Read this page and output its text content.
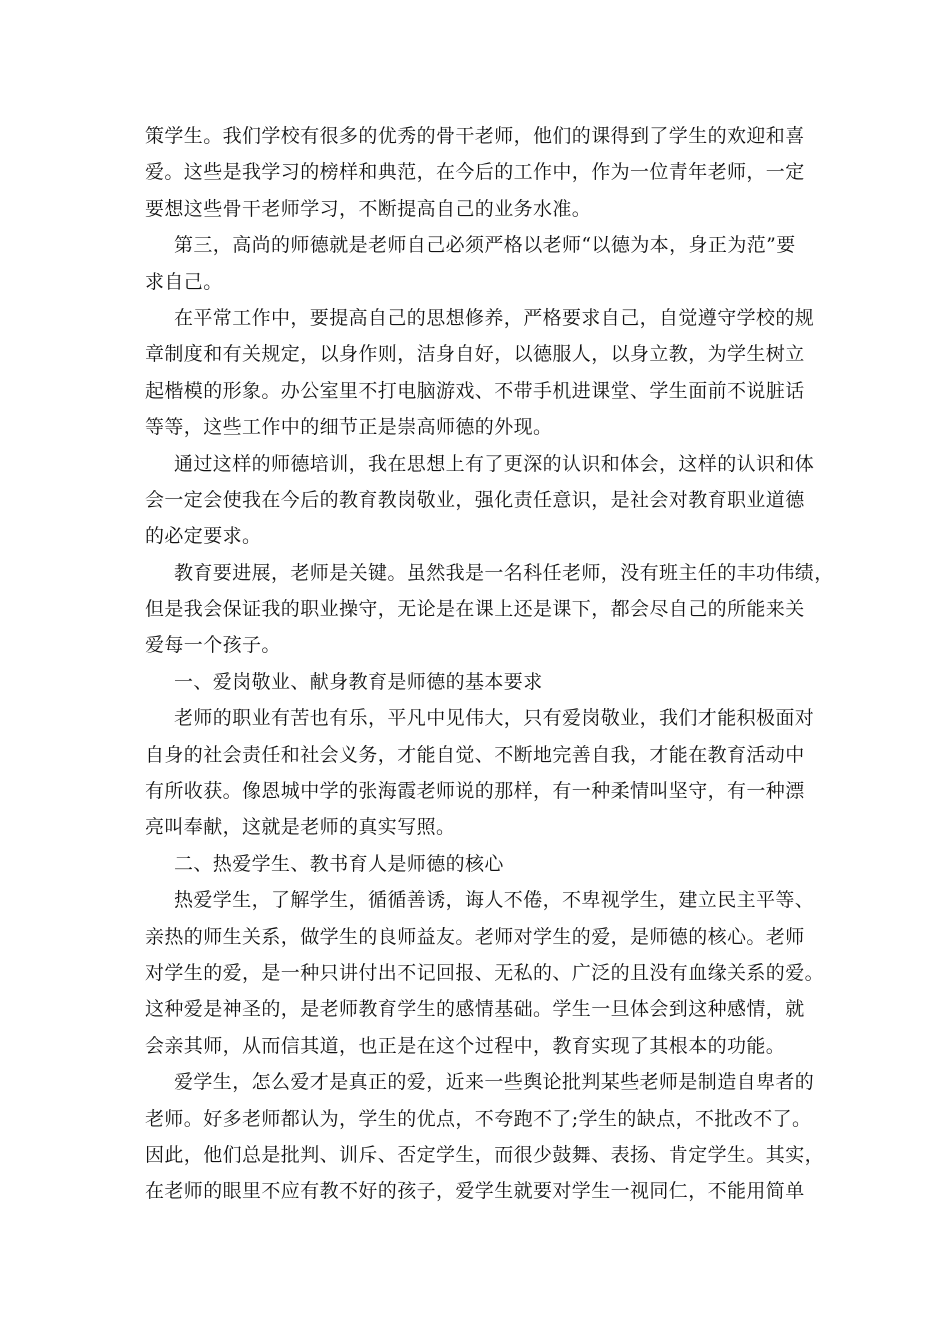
策学生。我们学校有很多的优秀的骨干老师，他们的课得到了学生的欢迎和喜
爱。这些是我学习的榜样和典范，在今后的工作中，作为一位青年老师，一定
要想这些骨干老师学习，不断提高自己的业务水准。
第三，高尚的师德就是老师自己必须严格以老师“以德为本，身正为范”要
求自己。
在平常工作中，要提高自己的思想修养，严格要求自己，自觉遵守学校的规
章制度和有关规定，以身作则，洁身自好，以德服人，以身立教，为学生树立
起楷模的形象。办公室里不打电脑游戏、不带手机进课堂、学生面前不说脏话
等等，这些工作中的细节正是崇高师德的外现。
通过这样的师德培训，我在思想上有了更深的认识和体会，这样的认识和体
会一定会使我在今后的教育教岗敬业，强化责任意识，是社会对教育职业道德
的必定要求。
教育要进展，老师是关键。虽然我是一名科任老师，没有班主任的丰功伟绩，
但是我会保证我的职业操守，无论是在课上还是课下，都会尽自己的所能来关
爱每一个孩子。
一、爱岗敬业、献身教育是师德的基本要求
老师的职业有苦也有乐，平凡中见伟大，只有爱岗敬业，我们才能积极面对
自身的社会责任和社会义务，才能自觉、不断地完善自我，才能在教育活动中
有所收获。像恩城中学的张海霞老师说的那样，有一种柔情叫坚守，有一种漂
亮叫奉献，这就是老师的真实写照。
二、热爱学生、教书育人是师德的核心
热爱学生，了解学生，循循善诱，诲人不倦，不卑视学生，建立民主平等、
亲热的师生关系，做学生的良师益友。老师对学生的爱，是师德的核心。老师
对学生的爱，是一种只讲付出不记回报、无私的、广泛的且没有血缘关系的爱。
这种爱是神圣的，是老师教育学生的感情基础。学生一旦体会到这种感情，就
会亲其师，从而信其道，也正是在这个过程中，教育实现了其根本的功能。
爱学生，怎么爱才是真正的爱，近来一些舆论批判某些老师是制造自卑者的
老师。好多老师都认为，学生的优点，不夸跑不了;学生的缺点，不批改不了。
因此，他们总是批判、训斥、否定学生，而很少鼓舞、表扬、肯定学生。其实，
在老师的眼里不应有教不好的孩子，爱学生就要对学生一视同仁，不能用简单
